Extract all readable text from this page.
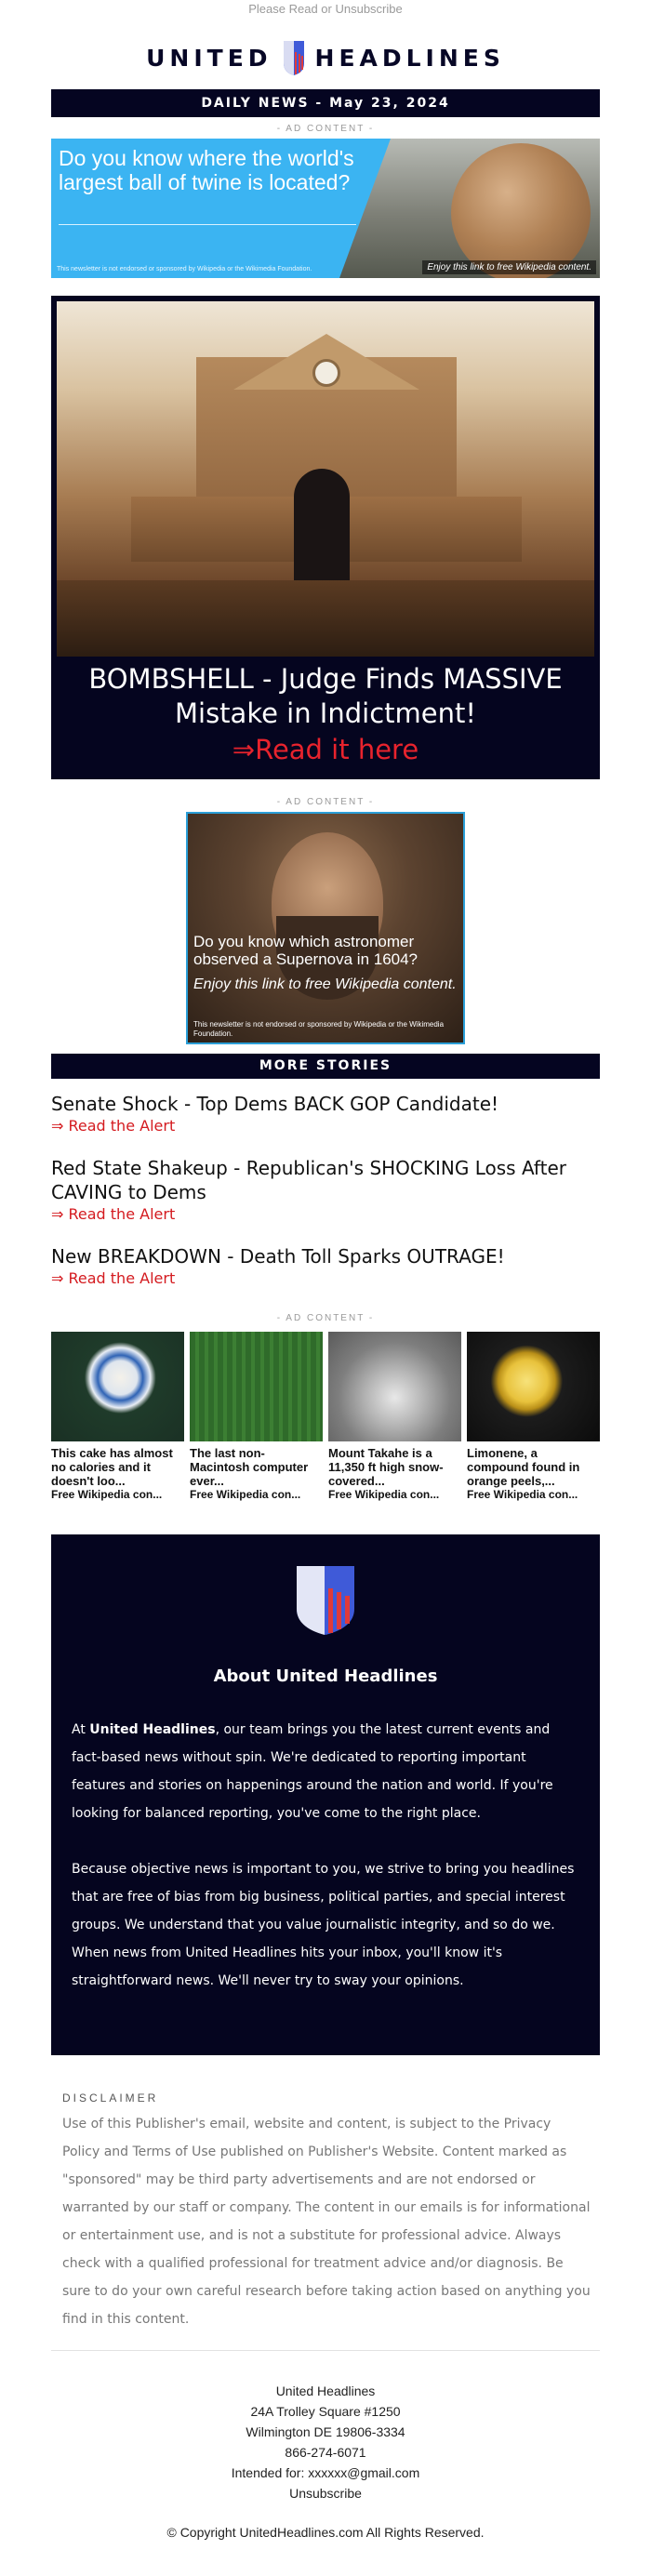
Please Read or Unsubscribe
UNITED HEADLINES
DAILY NEWS - May 23, 2024
- AD CONTENT -
Do you know where the world's largest ball of twine is located?
This newsletter is not endorsed or sponsored by Wikipedia or the Wikimedia Foundation.	Enjoy this link to free Wikipedia content.
BOMBSHELL - Judge Finds MASSIVE Mistake in Indictment!
⇒Read it here
- AD CONTENT -
Do you know which astronomer observed a Supernova in 1604?
Enjoy this link to free Wikipedia content.
This newsletter is not endorsed or sponsored by Wikipedia or the Wikimedia Foundation.
MORE STORIES
Senate Shock - Top Dems BACK GOP Candidate!
⇒ Read the Alert
Red State Shakeup - Republican's SHOCKING Loss After CAVING to Dems
⇒ Read the Alert
New BREAKDOWN - Death Toll Sparks OUTRAGE!
⇒ Read the Alert
- AD CONTENT -
This cake has almost no calories and it doesn't loo...
Free Wikipedia con...
The last non-Macintosh computer ever...
Free Wikipedia con...
Mount Takahe is a 11,350 ft high snow-covered...
Free Wikipedia con...
Limonene, a compound found in orange peels,...
Free Wikipedia con...
About United Headlines

At United Headlines, our team brings you the latest current events and fact-based news without spin. We're dedicated to reporting important features and stories on happenings around the nation and world. If you're looking for balanced reporting, you've come to the right place.

Because objective news is important to you, we strive to bring you headlines that are free of bias from big business, political parties, and special interest groups. We understand that you value journalistic integrity, and so do we. When news from United Headlines hits your inbox, you'll know it's straightforward news. We'll never try to sway your opinions.

DISCLAIMER
Use of this Publisher's email, website and content, is subject to the Privacy Policy and Terms of Use published on Publisher's Website. Content marked as "sponsored" may be third party advertisements and are not endorsed or warranted by our staff or company. The content in our emails is for informational or entertainment use, and is not a substitute for professional advice. Always check with a qualified professional for treatment advice and/or diagnosis. Be sure to do your own careful research before taking action based on anything you find in this content.
United Headlines
24A Trolley Square #1250
Wilmington DE 19806-3334
866-274-6071
Intended for: xxxxxx@gmail.com
Unsubscribe
© Copyright UnitedHeadlines.com All Rights Reserved.
